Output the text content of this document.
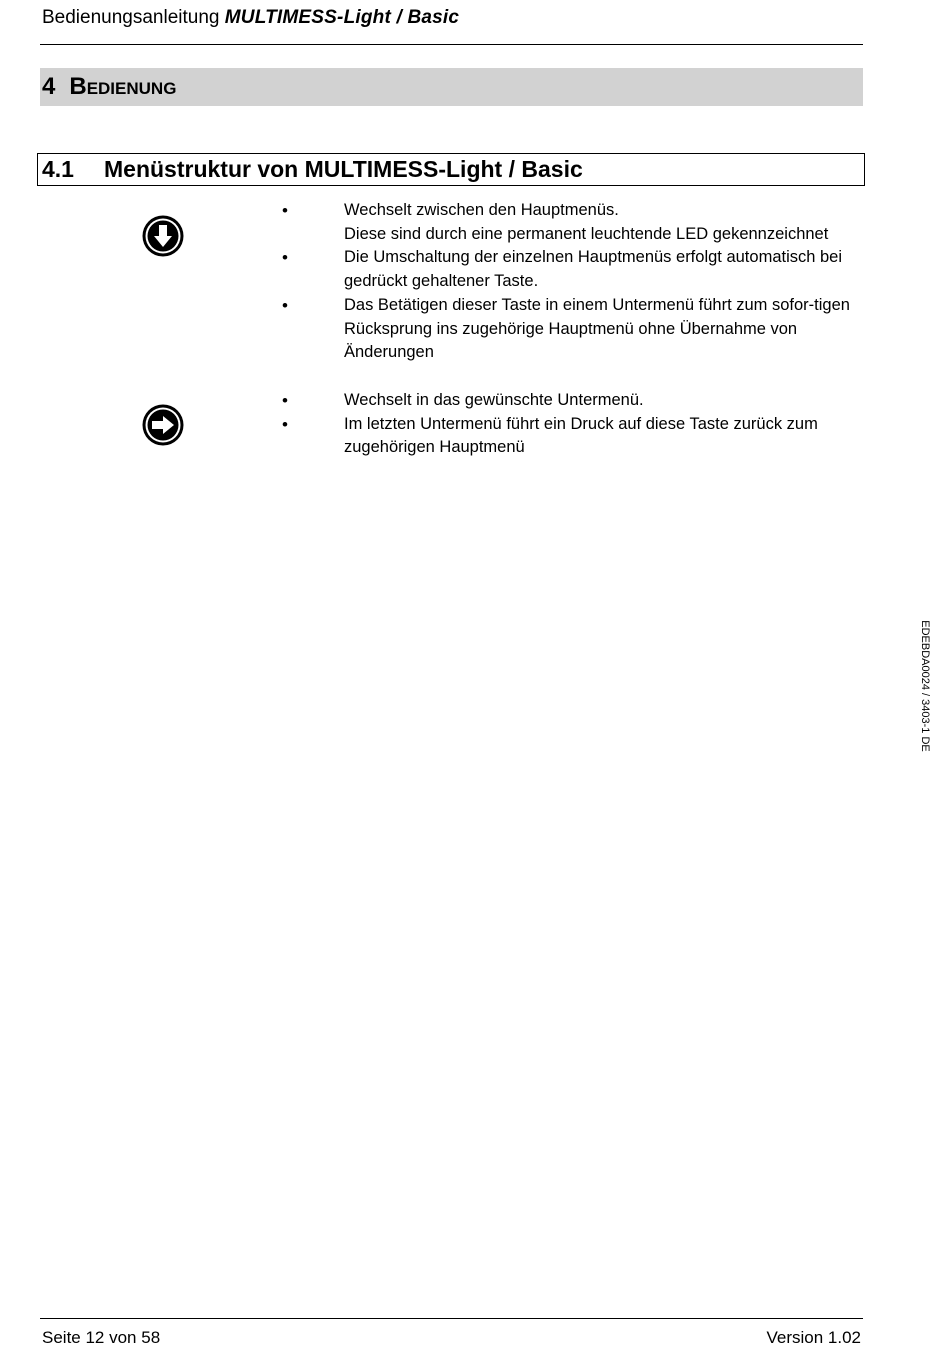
Bedienungsanleitung MULTIMESS-Light / Basic
4 Bedienung
4.1	Menüstruktur von MULTIMESS-Light / Basic
•	Wechselt zwischen den Hauptmenüs.
Diese sind durch eine permanent leuchtende LED gekennzeichnet
•	Die Umschaltung der einzelnen Hauptmenüs erfolgt automatisch bei gedrückt gehaltener Taste.
•	Das Betätigen dieser Taste in einem Untermenü führt zum sofor-tigen Rücksprung ins zugehörige Hauptmenü ohne Übernahme von Änderungen
•	Wechselt in das gewünschte Untermenü.
•	Im letzten Untermenü führt ein Druck auf diese Taste zurück zum zugehörigen Hauptmenü
EDEBDA0024 / 3403-1 DE
Seite 12 von 58	Version 1.02
